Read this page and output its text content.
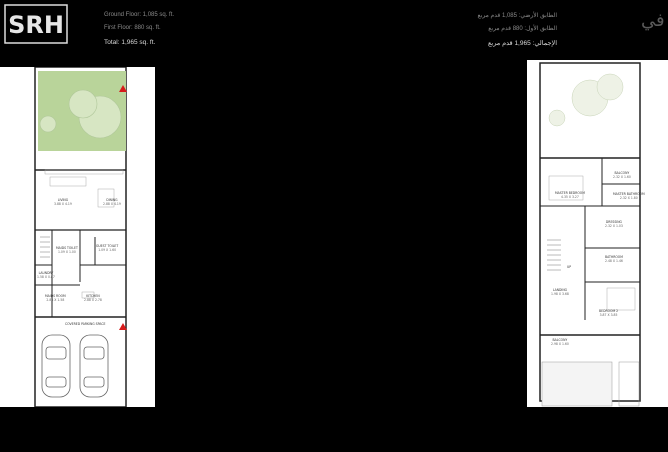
SRH	Ground Floor: 1,085 sq. ft.
First Floor: 880 sq. ft.
Total: 1,965 sq. ft.
الطابق الأرضي: 1,085 قدم مربع
الطابق الأول: 880 قدم مربع
الإجمالي: 1,965 قدم مربع
في
LIVING
3.88 X 4.19
DINING
2.88 X 4.19
MAIDS TOILET
1.09 X 1.00
GUEST TOILET
1.09 X 1.60
LAUNDRY
1.58 X 0.87
MAIDS ROOM
2.88 X 1.58
KITCHEN
2.88 X 2.78
COVERED PARKING SPACE
BALCONY
2.32 X 1.60
MASTER BEDROOM
4.35 X 3.27
MASTER BATHROOM
2.32 X 1.80
DRESSING
2.32 X 1.03
BATHROOM
2.48 X 1.46
LANDING
1.98 X 3.68
BEDROOM 2
3.87 X 3.85
BALCONY
2.98 X 1.60
UP
